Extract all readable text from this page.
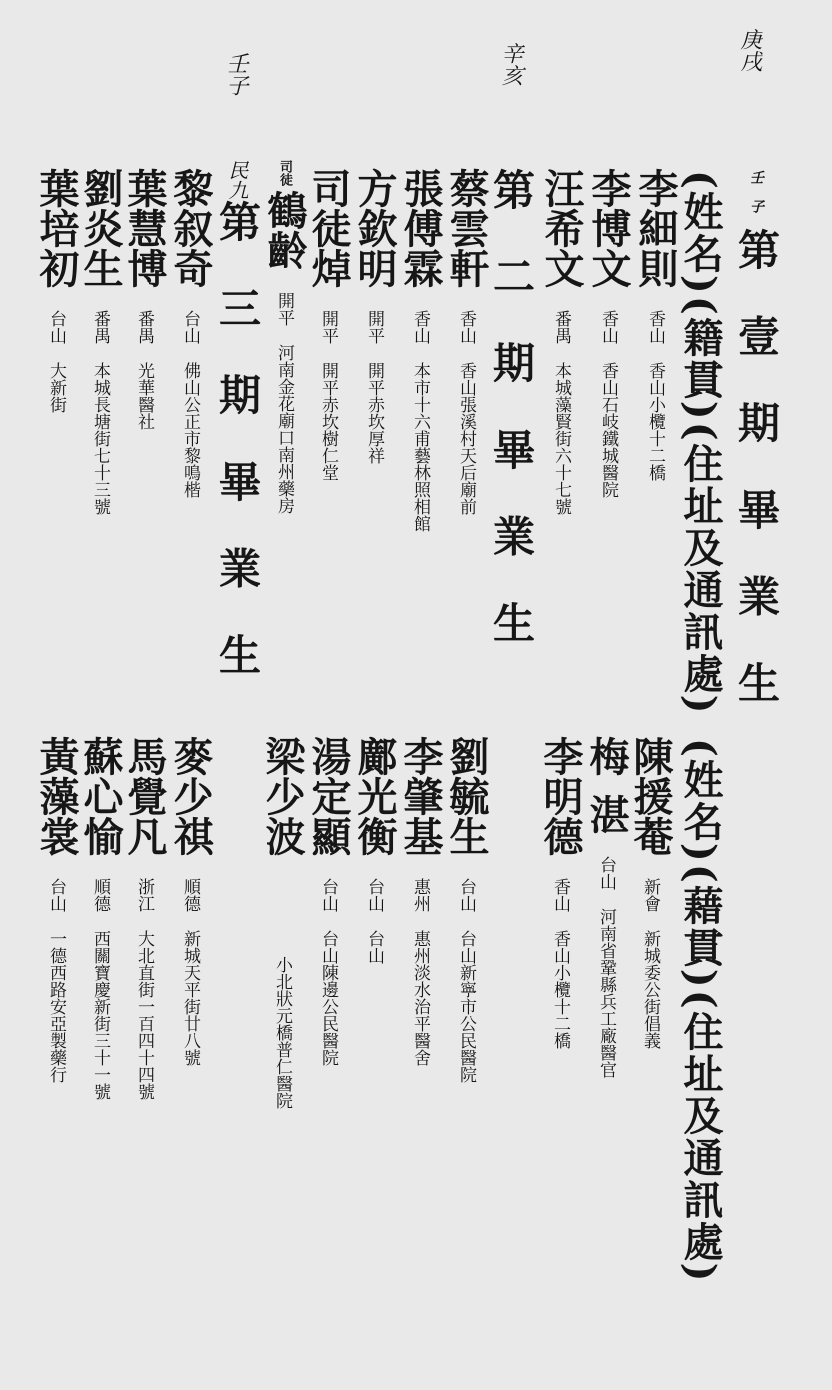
庚戌
辛亥
壬子
壬子第 壹 期 畢 業 生
(姓名)(籍貫)(住址及通訊處)
李細則香山香山小欖十二橋
李博文香山香山石岐鐵城醫院
汪希文番禺本城藻賢街六十七號
第 二 期 畢 業 生
蔡雲軒香山香山張溪村天后廟前
張傅霖香山本市十六甫藝林照相館
方欽明開平開平赤坎厚祥
司徒焯開平開平赤坎樹仁堂
司徒鶴齡開平河南金花廟口南州藥房
民九第 三 期 畢 業 生
黎叙奇台山佛山公正市黎鳴楷
葉慧博番禺光華醫社
劉炎生番禺本城長塘街七十三號
葉培初台山大新街
(姓名)(藉貫)(住址及通訊處)
陳援菴新會新城委公街倡義
梅湛台山河南省鞏縣兵工廠醫官
李明德香山香山小欖十二橋
劉毓生台山台山新寧市公民醫院
李肇基惠州惠州淡水治平醫舍
鄺光衡台山台山
湯定顯台山台山陳邊公民醫院
梁少波小北狀元橋普仁醫院
麥少祺順德新城天平街廿八號
馬覺凡浙江大北直街一百四十四號
蘇心愉順德西關寶慶新街三十一號
黃藻裳台山一德西路安亞製藥行
